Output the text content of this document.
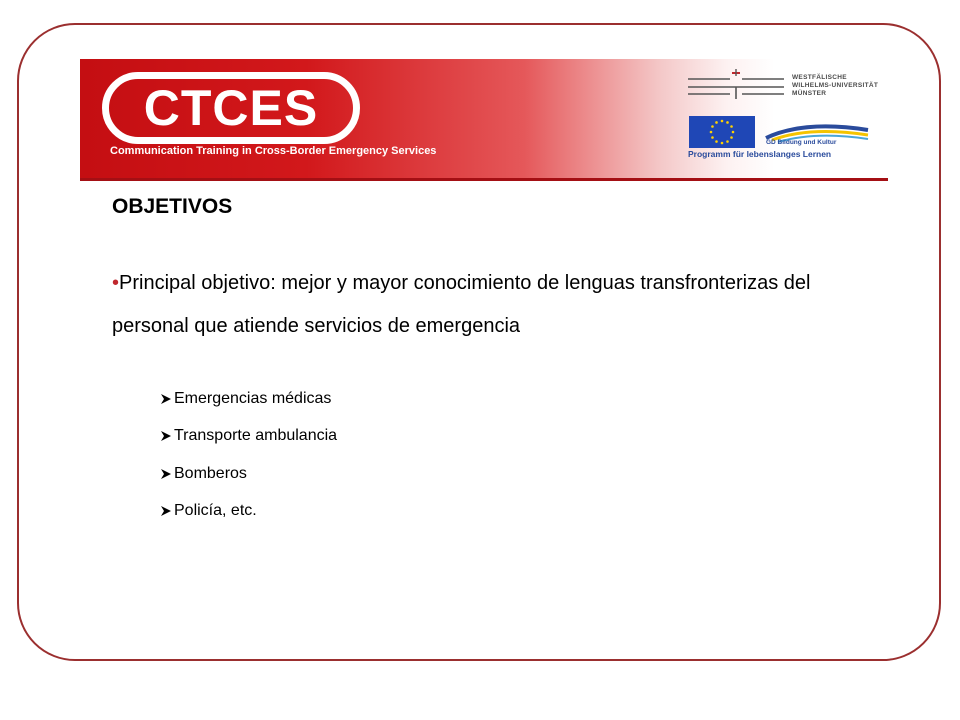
CTCES
Communication Training in Cross-Border Emergency Services
WESTFÄLISCHE
WILHELMS-UNIVERSITÄT
MÜNSTER
GD Bildung und Kultur
Programm für lebenslanges Lernen
OBJETIVOS
•Principal objetivo: mejor y mayor conocimiento de lenguas transfronterizas del personal que atiende servicios de emergencia
Emergencias médicas
Transporte ambulancia
Bomberos
Policía, etc.
